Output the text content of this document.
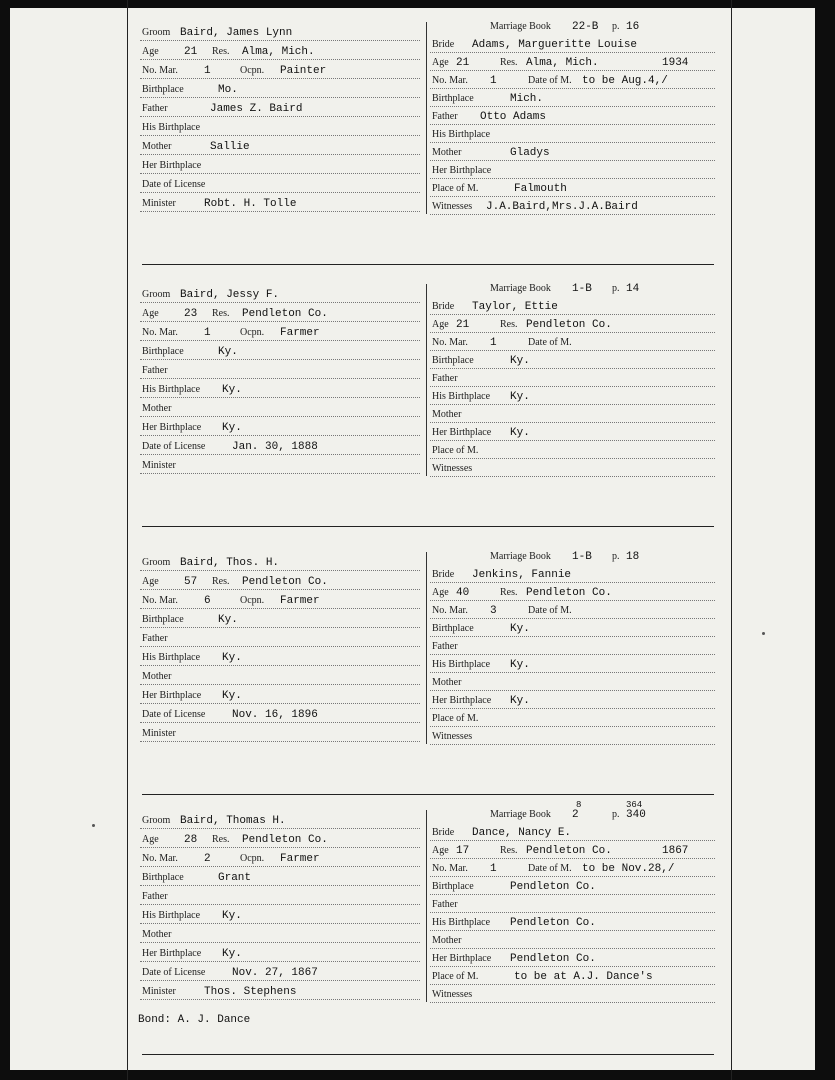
Groom Baird, James Lynn
Age 21 Res. Alma, Mich.
No. Mar. 1	Ocpn. Painter
Birthplace	Mo.
Father	James Z. Baird
His Birthplace
Mother	Sallie
Her Birthplace
Date of License
Minister	Robt. H. Tolle
Marriage Book 22-B p. 16
Bride Adams, Margueritte Louise
Age 21	Res. Alma, Mich.	1934
No. Mar. 1	Date of M. to be Aug.4,/
Birthplace	Mich.
Father Otto Adams
His Birthplace
Mother	Gladys
Her Birthplace
Place of M.	Falmouth
Witnesses J.A.Baird,Mrs.J.A.Baird
Groom Baird, Jessy F.
Age 23 Res. Pendleton Co.
No. Mar. 1	Ocpn. Farmer
Birthplace	Ky.
Father
His Birthplace Ky.
Mother
Her Birthplace Ky.
Date of License Jan. 30, 1888
Minister
Marriage Book 1-B p. 14
Bride Taylor, Ettie
Age 21	Res. Pendleton Co.
No. Mar. 1	Date of M.
Birthplace	Ky.
Father
His Birthplace Ky.
Mother
Her Birthplace Ky.
Place of M.
Witnesses
Groom Baird, Thos. H.
Age 57 Res. Pendleton Co.
No. Mar. 6	Ocpn. Farmer
Birthplace	Ky.
Father
His Birthplace Ky.
Mother
Her Birthplace Ky.
Date of License Nov. 16, 1896
Minister
Marriage Book 1-B p. 18
Bride Jenkins, Fannie
Age 40	Res. Pendleton Co.
No. Mar. 3	Date of M.
Birthplace	Ky.
Father
His Birthplace Ky.
Mother
Her Birthplace Ky.
Place of M.
Witnesses
Groom Baird, Thomas H.
Age 28 Res. Pendleton Co.
No. Mar. 2	Ocpn. Farmer
Birthplace	Grant
Father
His Birthplace Ky.
Mother
Her Birthplace Ky.
Date of License Nov. 27, 1867
Minister	Thos. Stephens
Marriage Book 2	p. 340
8	364
Bride Dance, Nancy E.
Age 17	Res. Pendleton Co.	1867
No. Mar. 1	Date of M. to be Nov.28,/
Birthplace	Pendleton Co.
Father
His Birthplace Pendleton Co.
Mother
Her Birthplace Pendleton Co.
Place of M.	to be at A.J. Dance's
Witnesses
Bond: A. J. Dance
